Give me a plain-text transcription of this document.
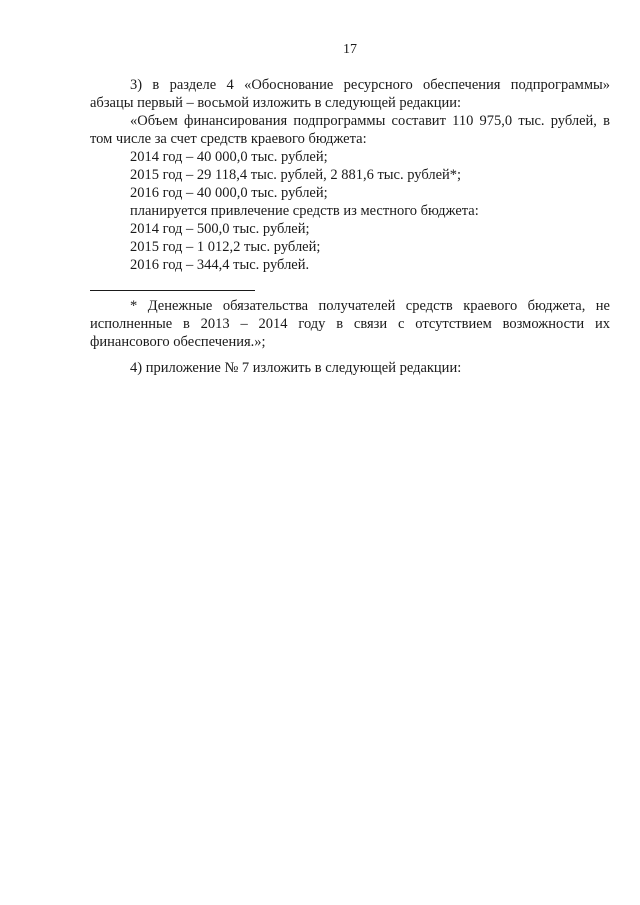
17

3) в разделе 4 «Обоснование ресурсного обеспечения подпрограммы» абзацы первый – восьмой изложить в следующей редакции:

«Объем финансирования подпрограммы составит 110 975,0 тыс. рублей, в том числе за счет средств краевого бюджета:

2014 год – 40 000,0 тыс. рублей;

2015 год – 29 118,4 тыс. рублей, 2 881,6 тыс. рублей*;

2016 год – 40 000,0 тыс. рублей;

планируется привлечение средств из местного бюджета:

2014 год – 500,0 тыс. рублей;

2015 год – 1 012,2 тыс. рублей;

2016 год – 344,4 тыс. рублей.

* Денежные обязательства получателей средств краевого бюджета, не исполненные в 2013 – 2014 году в связи с отсутствием возможности их финансового обеспечения.»;

4) приложение № 7 изложить в следующей редакции:
